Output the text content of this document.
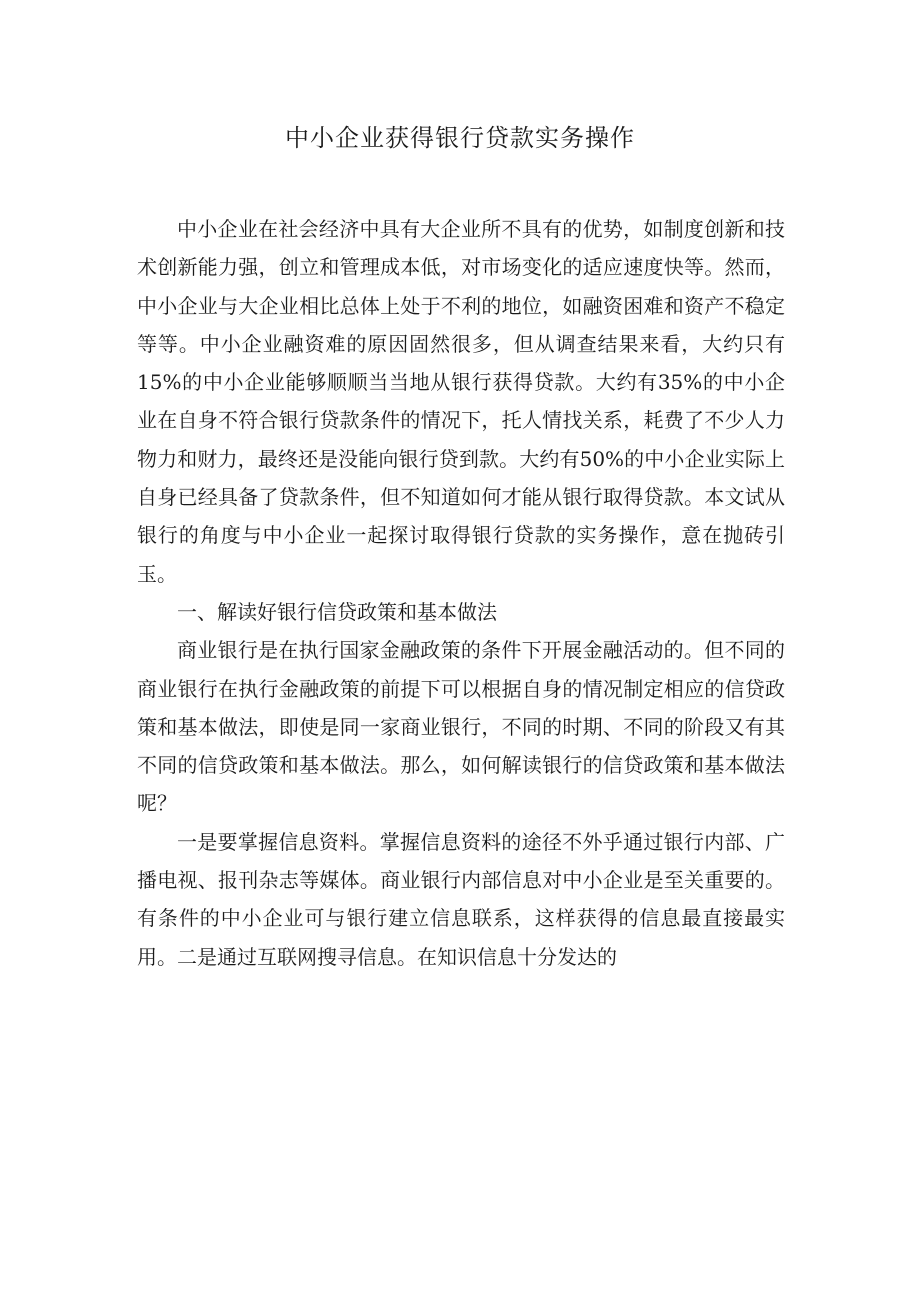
中小企业获得银行贷款实务操作

中小企业在社会经济中具有大企业所不具有的优势，如制度创新和技术创新能力强，创立和管理成本低，对市场变化的适应速度快等。然而，中小企业与大企业相比总体上处于不利的地位，如融资困难和资产不稳定等等。中小企业融资难的原因固然很多，但从调查结果来看，大约只有15%的中小企业能够顺顺当当地从银行获得贷款。大约有35%的中小企业在自身不符合银行贷款条件的情况下，托人情找关系，耗费了不少人力物力和财力，最终还是没能向银行贷到款。大约有50%的中小企业实际上自身已经具备了贷款条件，但不知道如何才能从银行取得贷款。本文试从银行的角度与中小企业一起探讨取得银行贷款的实务操作，意在抛砖引玉。

一、解读好银行信贷政策和基本做法

商业银行是在执行国家金融政策的条件下开展金融活动的。但不同的商业银行在执行金融政策的前提下可以根据自身的情况制定相应的信贷政策和基本做法，即使是同一家商业银行，不同的时期、不同的阶段又有其不同的信贷政策和基本做法。那么，如何解读银行的信贷政策和基本做法呢？

一是要掌握信息资料。掌握信息资料的途径不外乎通过银行内部、广播电视、报刊杂志等媒体。商业银行内部信息对中小企业是至关重要的。有条件的中小企业可与银行建立信息联系，这样获得的信息最直接最实用。二是通过互联网搜寻信息。在知识信息十分发达的
